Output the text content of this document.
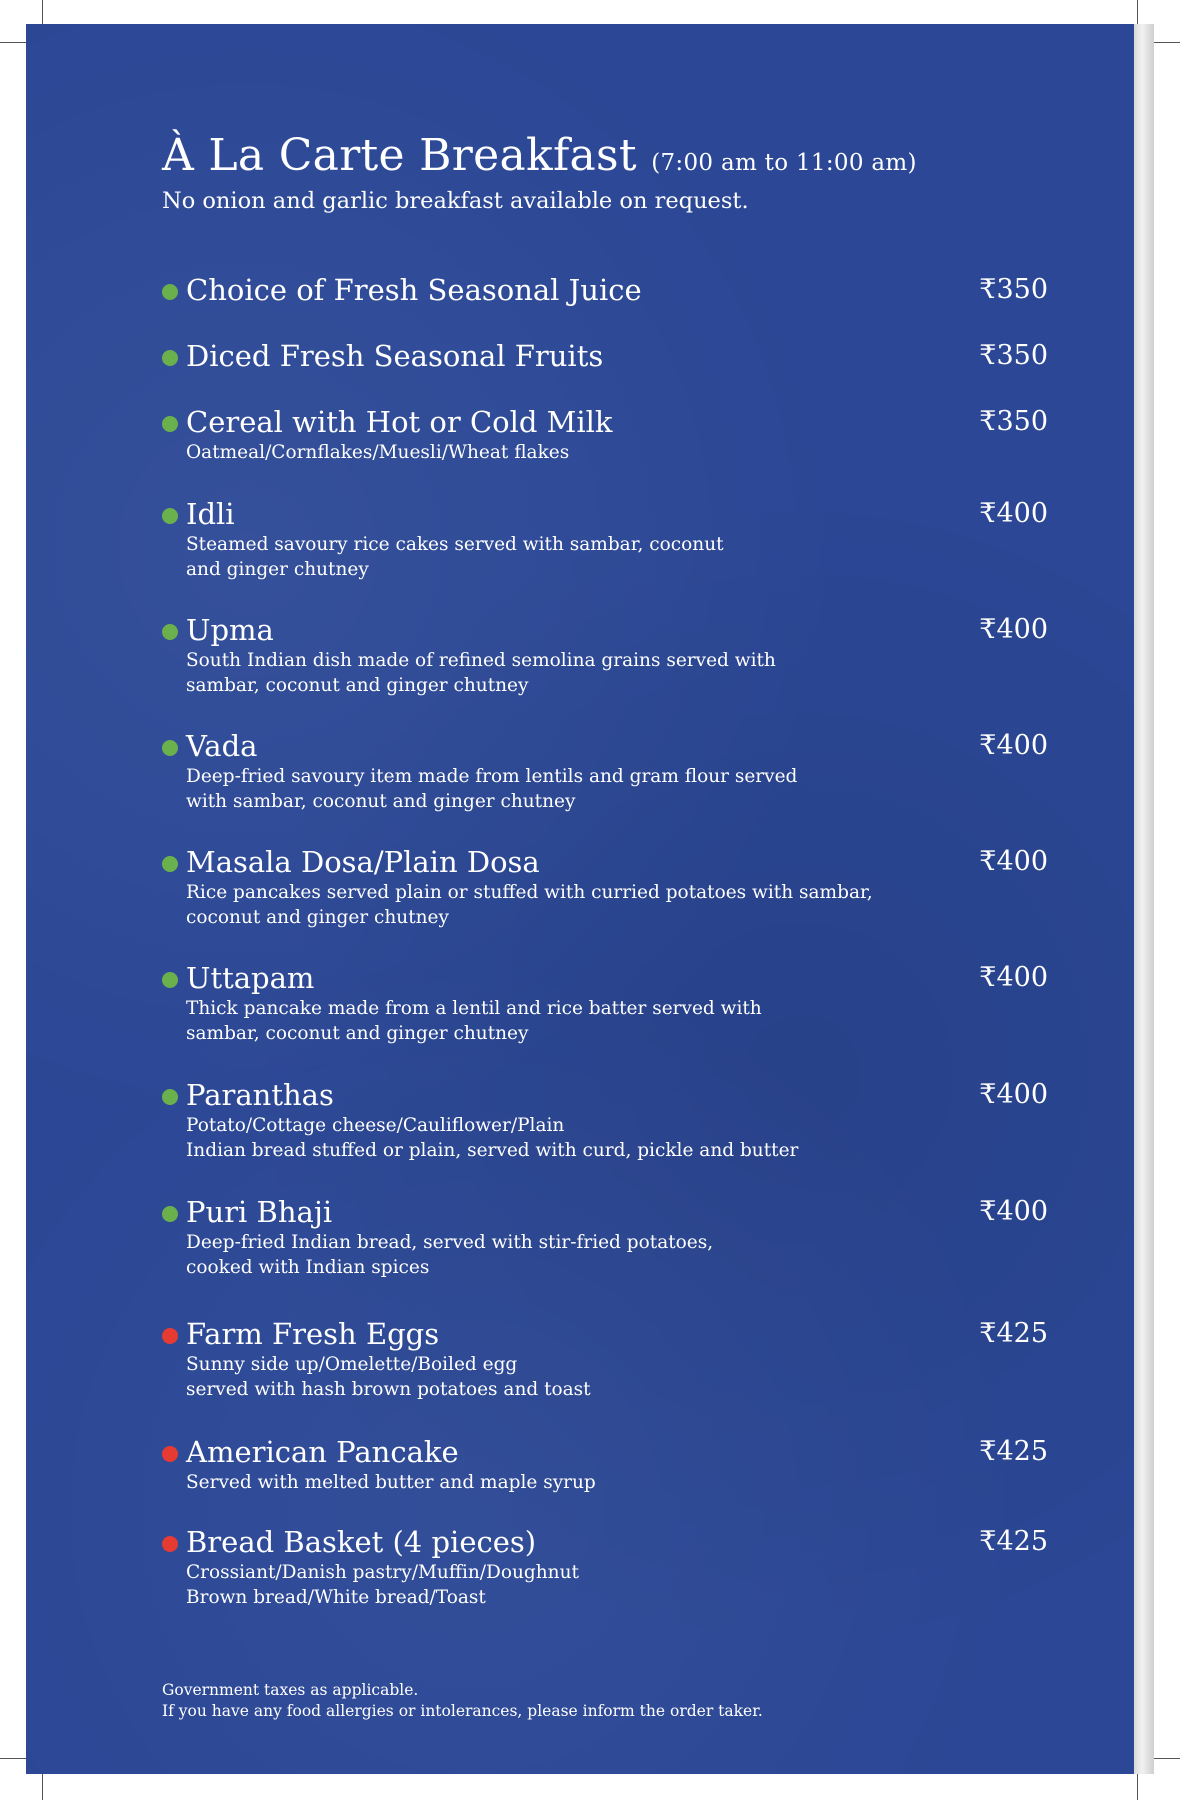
À La Carte Breakfast (7:00 am to 11:00 am)
No onion and garlic breakfast available on request.
Choice of Fresh Seasonal Juice	₹350
Diced Fresh Seasonal Fruits	₹350
Cereal with Hot or Cold Milk
Oatmeal/Cornflakes/Muesli/Wheat flakes
₹350
Idli
Steamed savoury rice cakes served with sambar, coconut
and ginger chutney
₹400
Upma
South Indian dish made of refined semolina grains served with
sambar, coconut and ginger chutney
₹400
Vada
Deep-fried savoury item made from lentils and gram flour served
with sambar, coconut and ginger chutney
₹400
Masala Dosa/Plain Dosa
Rice pancakes served plain or stuffed with curried potatoes with sambar,
coconut and ginger chutney
₹400
Uttapam
Thick pancake made from a lentil and rice batter served with
sambar, coconut and ginger chutney
₹400
Paranthas
Potato/Cottage cheese/Cauliflower/Plain
Indian bread stuffed or plain, served with curd, pickle and butter
₹400
Puri Bhaji
Deep-fried Indian bread, served with stir-fried potatoes,
cooked with Indian spices
₹400
Farm Fresh Eggs
Sunny side up/Omelette/Boiled egg
served with hash brown potatoes and toast
₹425
American Pancake
Served with melted butter and maple syrup
₹425
Bread Basket (4 pieces)
Crossiant/Danish pastry/Muffin/Doughnut
Brown bread/White bread/Toast
₹425
Government taxes as applicable.
If you have any food allergies or intolerances, please inform the order taker.
